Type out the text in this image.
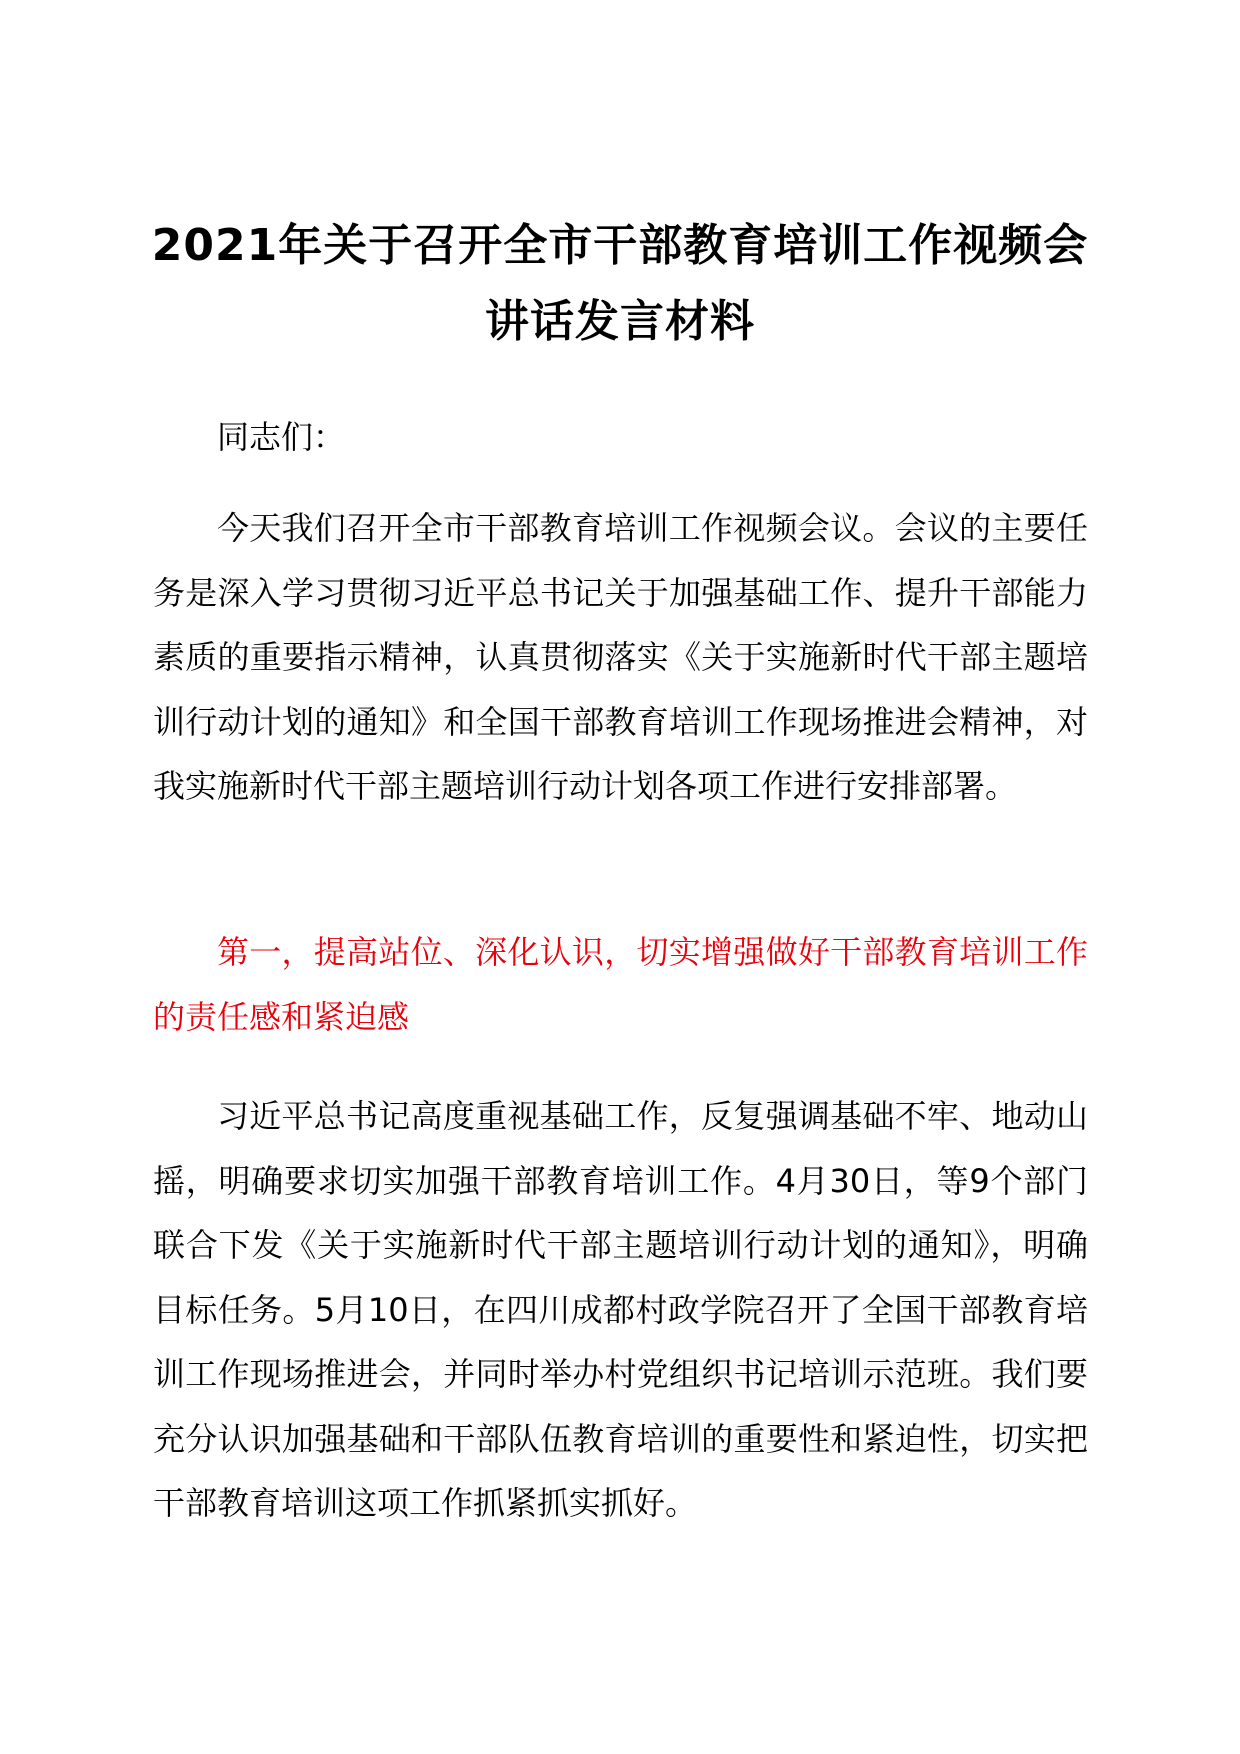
2021年关于召开全市干部教育培训工作视频会讲话发言材料

同志们：

今天我们召开全市干部教育培训工作视频会议。会议的主要任务是深入学习贯彻习近平总书记关于加强基础工作、提升干部能力素质的重要指示精神，认真贯彻落实《关于实施新时代干部主题培训行动计划的通知》和全国干部教育培训工作现场推进会精神，对我实施新时代干部主题培训行动计划各项工作进行安排部署。

第一，提高站位、深化认识，切实增强做好干部教育培训工作的责任感和紧迫感

习近平总书记高度重视基础工作，反复强调基础不牢、地动山摇，明确要求切实加强干部教育培训工作。4月30日，等9个部门联合下发《关于实施新时代干部主题培训行动计划的通知》，明确目标任务。5月10日，在四川成都村政学院召开了全国干部教育培训工作现场推进会，并同时举办村党组织书记培训示范班。我们要充分认识加强基础和干部队伍教育培训的重要性和紧迫性，切实把干部教育培训这项工作抓紧抓实抓好。
